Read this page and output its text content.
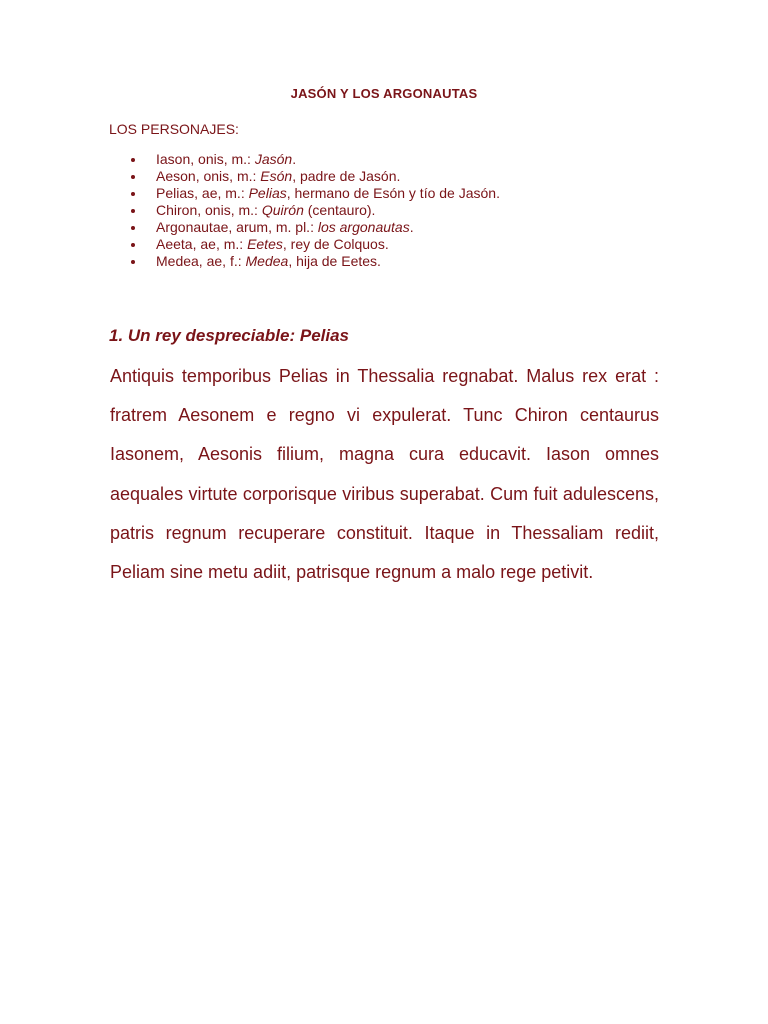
JASÓN Y LOS ARGONAUTAS
LOS PERSONAJES:
Iason, onis, m.: Jasón.
Aeson, onis, m.: Esón, padre de Jasón.
Pelias, ae, m.: Pelias, hermano de Esón y tío de Jasón.
Chiron, onis, m.: Quirón (centauro).
Argonautae, arum, m. pl.: los argonautas.
Aeeta, ae, m.: Eetes, rey de Colquos.
Medea, ae, f.: Medea, hija de Eetes.
1. Un rey despreciable: Pelias

Antiquis temporibus Pelias in Thessalia regnabat. Malus rex erat :
fratrem Aesonem e regno vi expulerat. Tunc Chiron centaurus
Iasonem, Aesonis filium, magna cura educavit. Iason omnes
aequales virtute corporisque viribus superabat. Cum fuit adulescens,
patris regnum recuperare constituit. Itaque in Thessaliam rediit,
Peliam sine metu adiit, patrisque regnum a malo rege petivit.
